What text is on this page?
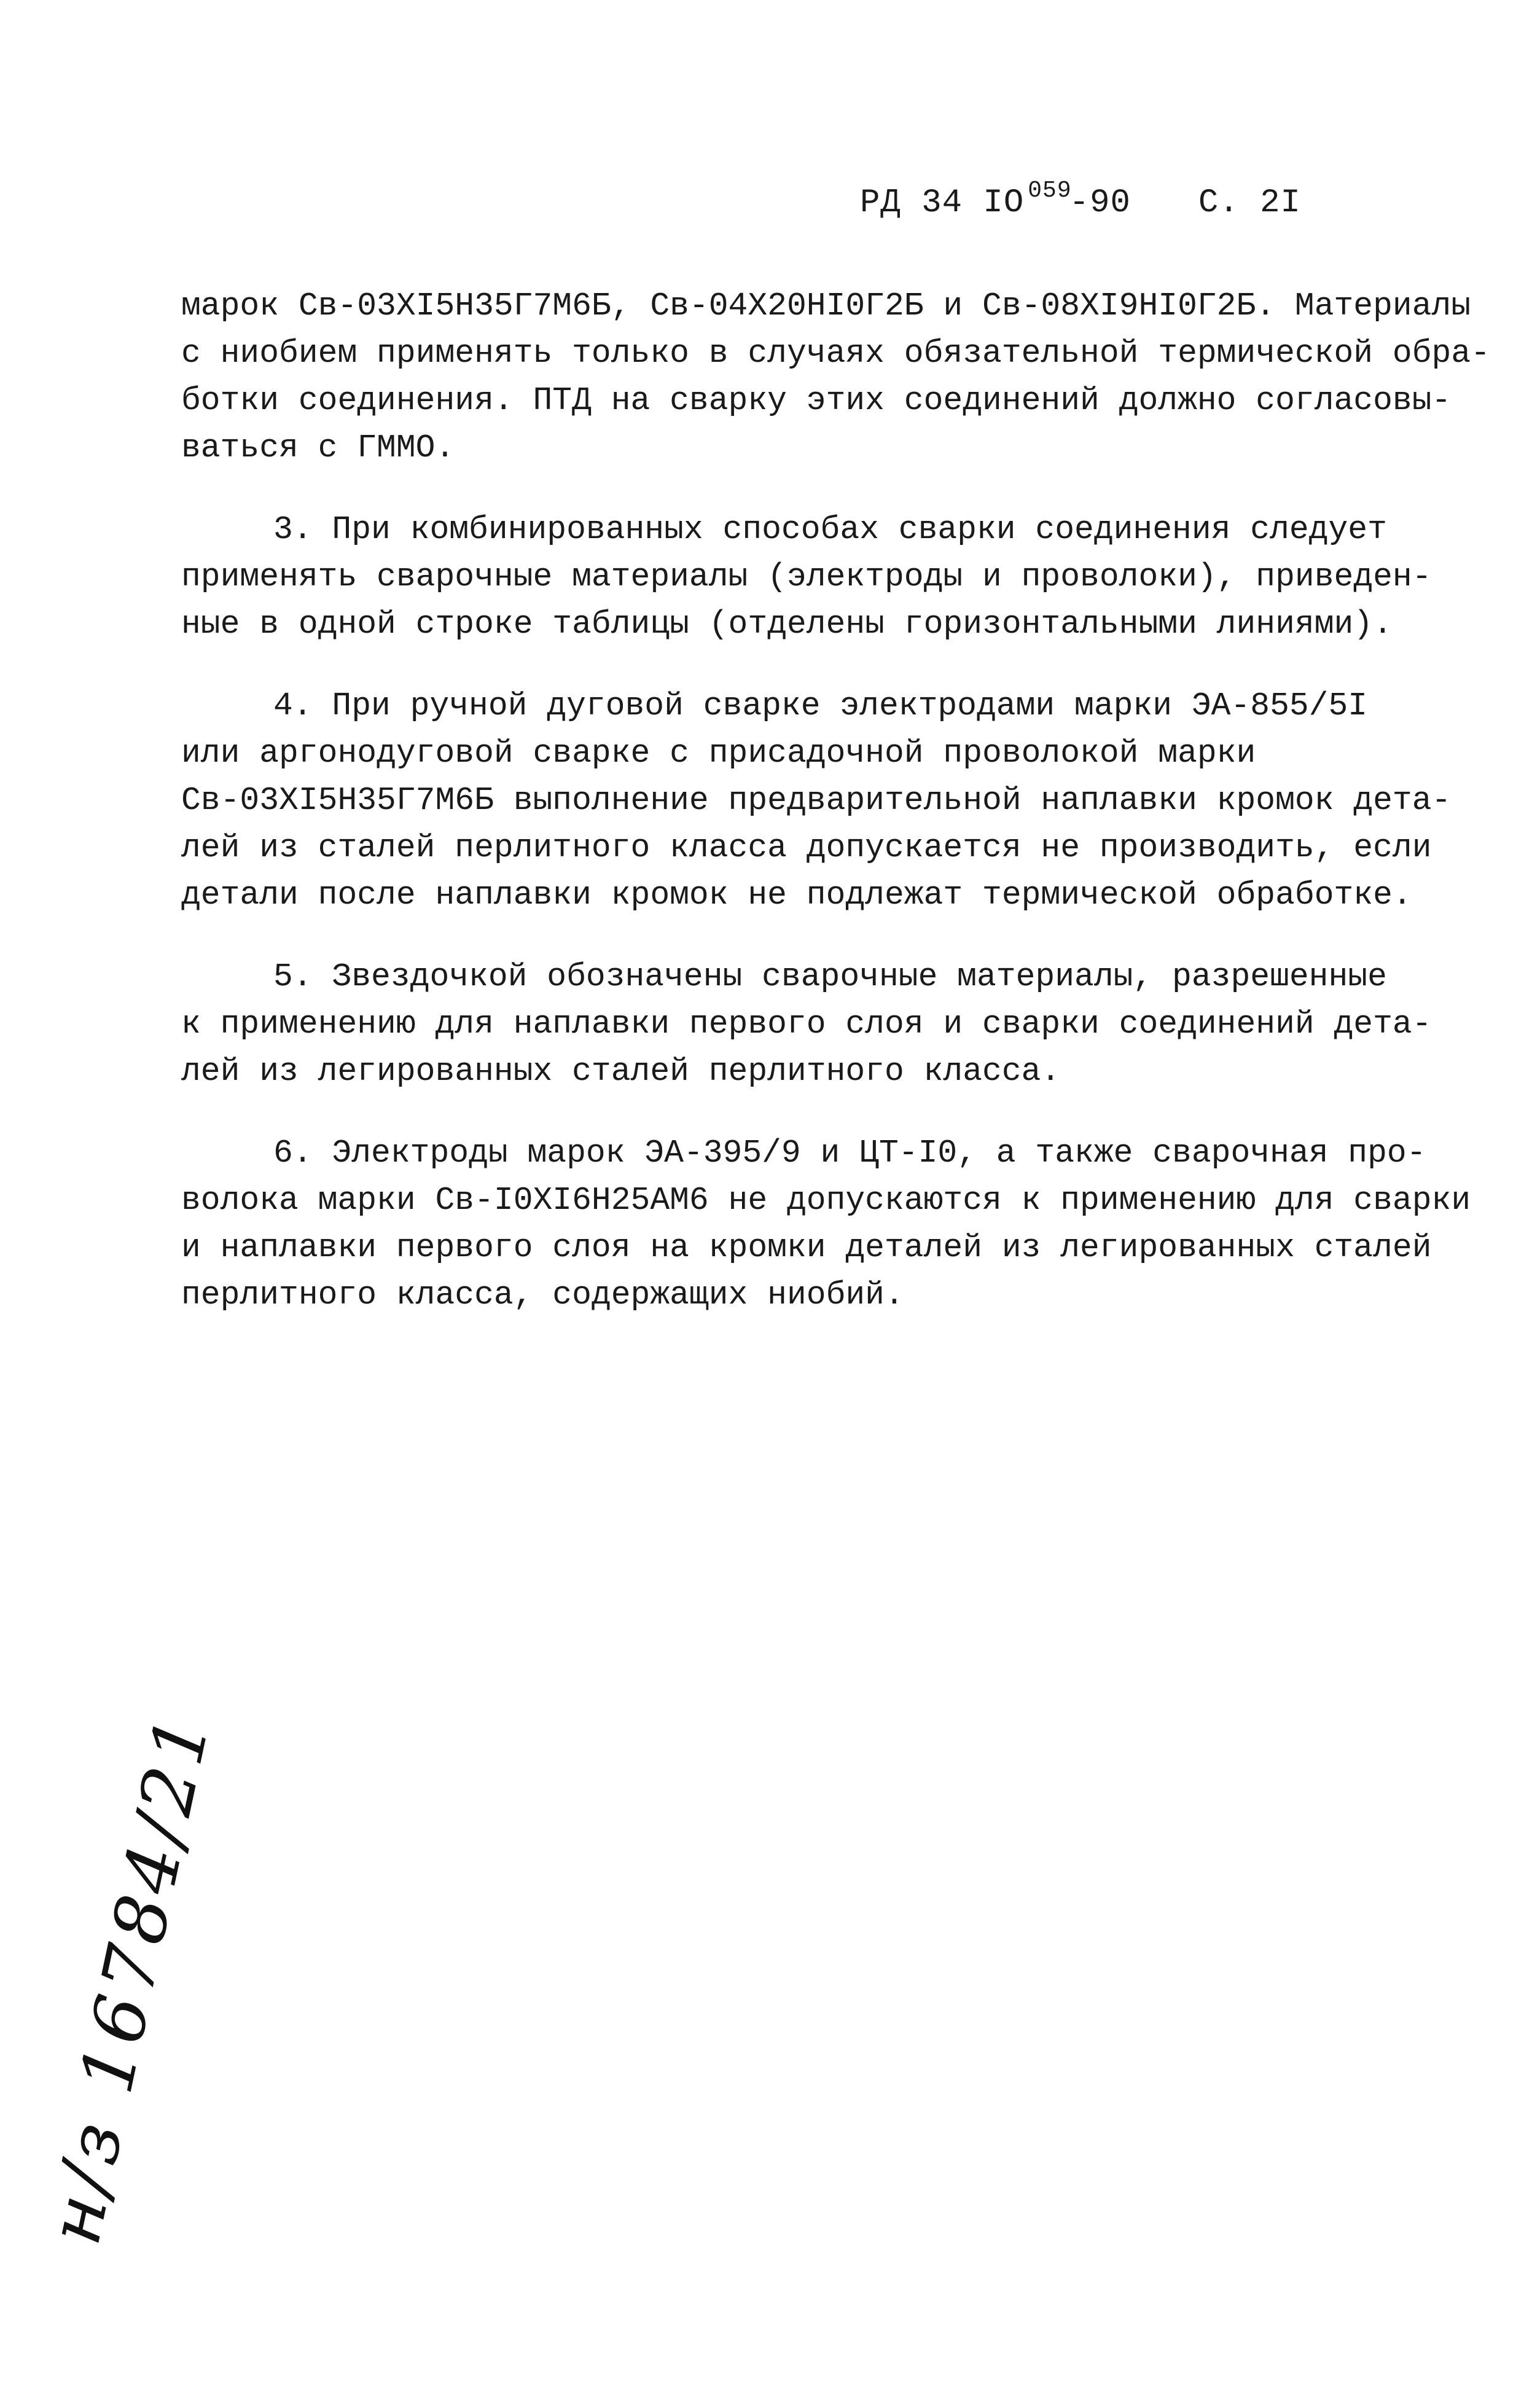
РД 34 IO 059-90 С. 2I
марок Св-03XI5H35Г7M6Б, Св-04X20HI0Г2Б и Св-08XI9HI0Г2Б. Материалы
с ниобием применять только в случаях обязательной термической обра-
ботки соединения. ПТД на сварку этих соединений должно согласовы-
ваться с ГММО.
3. При комбинированных способах сварки соединения следует
применять сварочные материалы (электроды и проволоки), приведен-
ные в одной строке таблицы (отделены горизонтальными линиями).
4. При ручной дуговой сварке электродами марки ЭА-855/5I
или аргонодуговой сварке с присадочной проволокой марки
Св-03XI5H35Г7M6Б выполнение предварительной наплавки кромок дета-
лей из сталей перлитного класса допускается не производить, если
детали после наплавки кромок не подлежат термической обработке.
5. Звездочкой обозначены сварочные материалы, разрешенные
к применению для наплавки первого слоя и сварки соединений дета-
лей из легированных сталей перлитного класса.
6. Электроды марок ЭА-395/9 и ЦТ-I0, а также сварочная про-
волока марки Св-I0XI6H25AM6 не допускаются к применению для сварки
и наплавки первого слоя на кромки деталей из легированных сталей
перлитного класса, содержащих ниобий.
н/з 16784/21
